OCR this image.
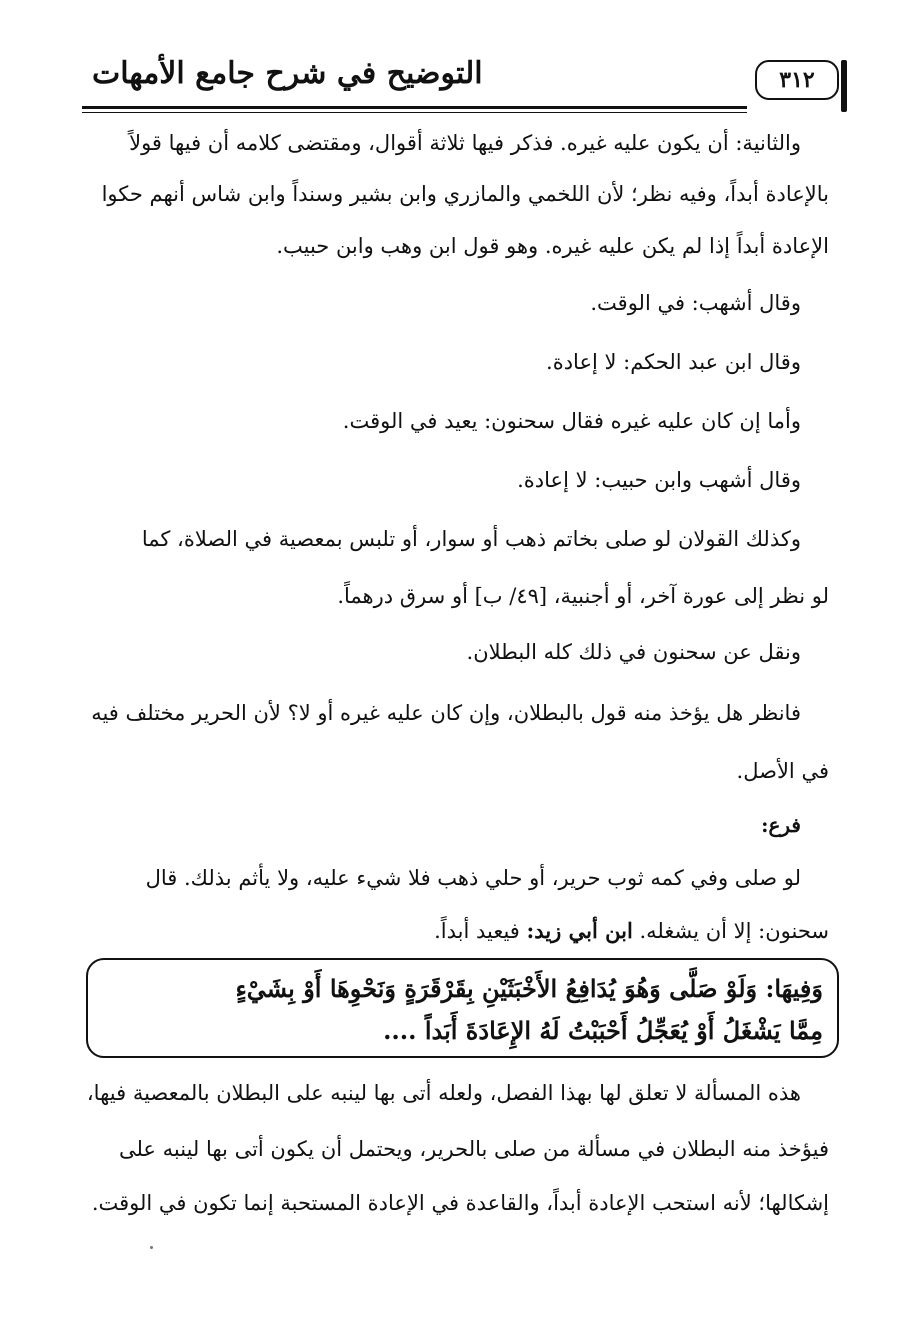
٣١٢
التوضيح في شرح جامع الأمهات
والثانية: أن يكون عليه غيره. فذكر فيها ثلاثة أقوال، ومقتضى كلامه أن فيها قولاً
بالإعادة أبداً، وفيه نظر؛ لأن اللخمي والمازري وابن بشير وسنداً وابن شاس أنهم حكوا
الإعادة أبداً إذا لم يكن عليه غيره. وهو قول ابن وهب وابن حبيب.
وقال أشهب: في الوقت.
وقال ابن عبد الحكم: لا إعادة.
وأما إن كان عليه غيره فقال سحنون: يعيد في الوقت.
وقال أشهب وابن حبيب: لا إعادة.
وكذلك القولان لو صلى بخاتم ذهب أو سوار، أو تلبس بمعصية في الصلاة، كما
لو نظر إلى عورة آخر، أو أجنبية، [٤٩/ ب] أو سرق درهماً.
ونقل عن سحنون في ذلك كله البطلان.
فانظر هل يؤخذ منه قول بالبطلان، وإن كان عليه غيره أو لا؟ لأن الحرير مختلف فيه
في الأصل.
فرع:
لو صلى وفي كمه ثوب حرير، أو حلي ذهب فلا شيء عليه، ولا يأثم بذلك. قال
سحنون: إلا أن يشغله. ابن أبي زيد: فيعيد أبداً.
وَفِيهَا: وَلَوْ صَلَّى وَهُوَ يُدَافِعُ الأَخْبَثَيْنِ بِقَرْقَرَةٍ وَنَحْوِهَا أَوْ بِشَيْءٍ
مِمَّا يَشْغَلُ أَوْ يُعَجِّلُ أَحْبَبْتُ لَهُ الإِعَادَةَ أَبَداً ....
هذه المسألة لا تعلق لها بهذا الفصل، ولعله أتى بها لينبه على البطلان بالمعصية فيها،
فيؤخذ منه البطلان في مسألة من صلى بالحرير، ويحتمل أن يكون أتى بها لينبه على
إشكالها؛ لأنه استحب الإعادة أبداً، والقاعدة في الإعادة المستحبة إنما تكون في الوقت.
